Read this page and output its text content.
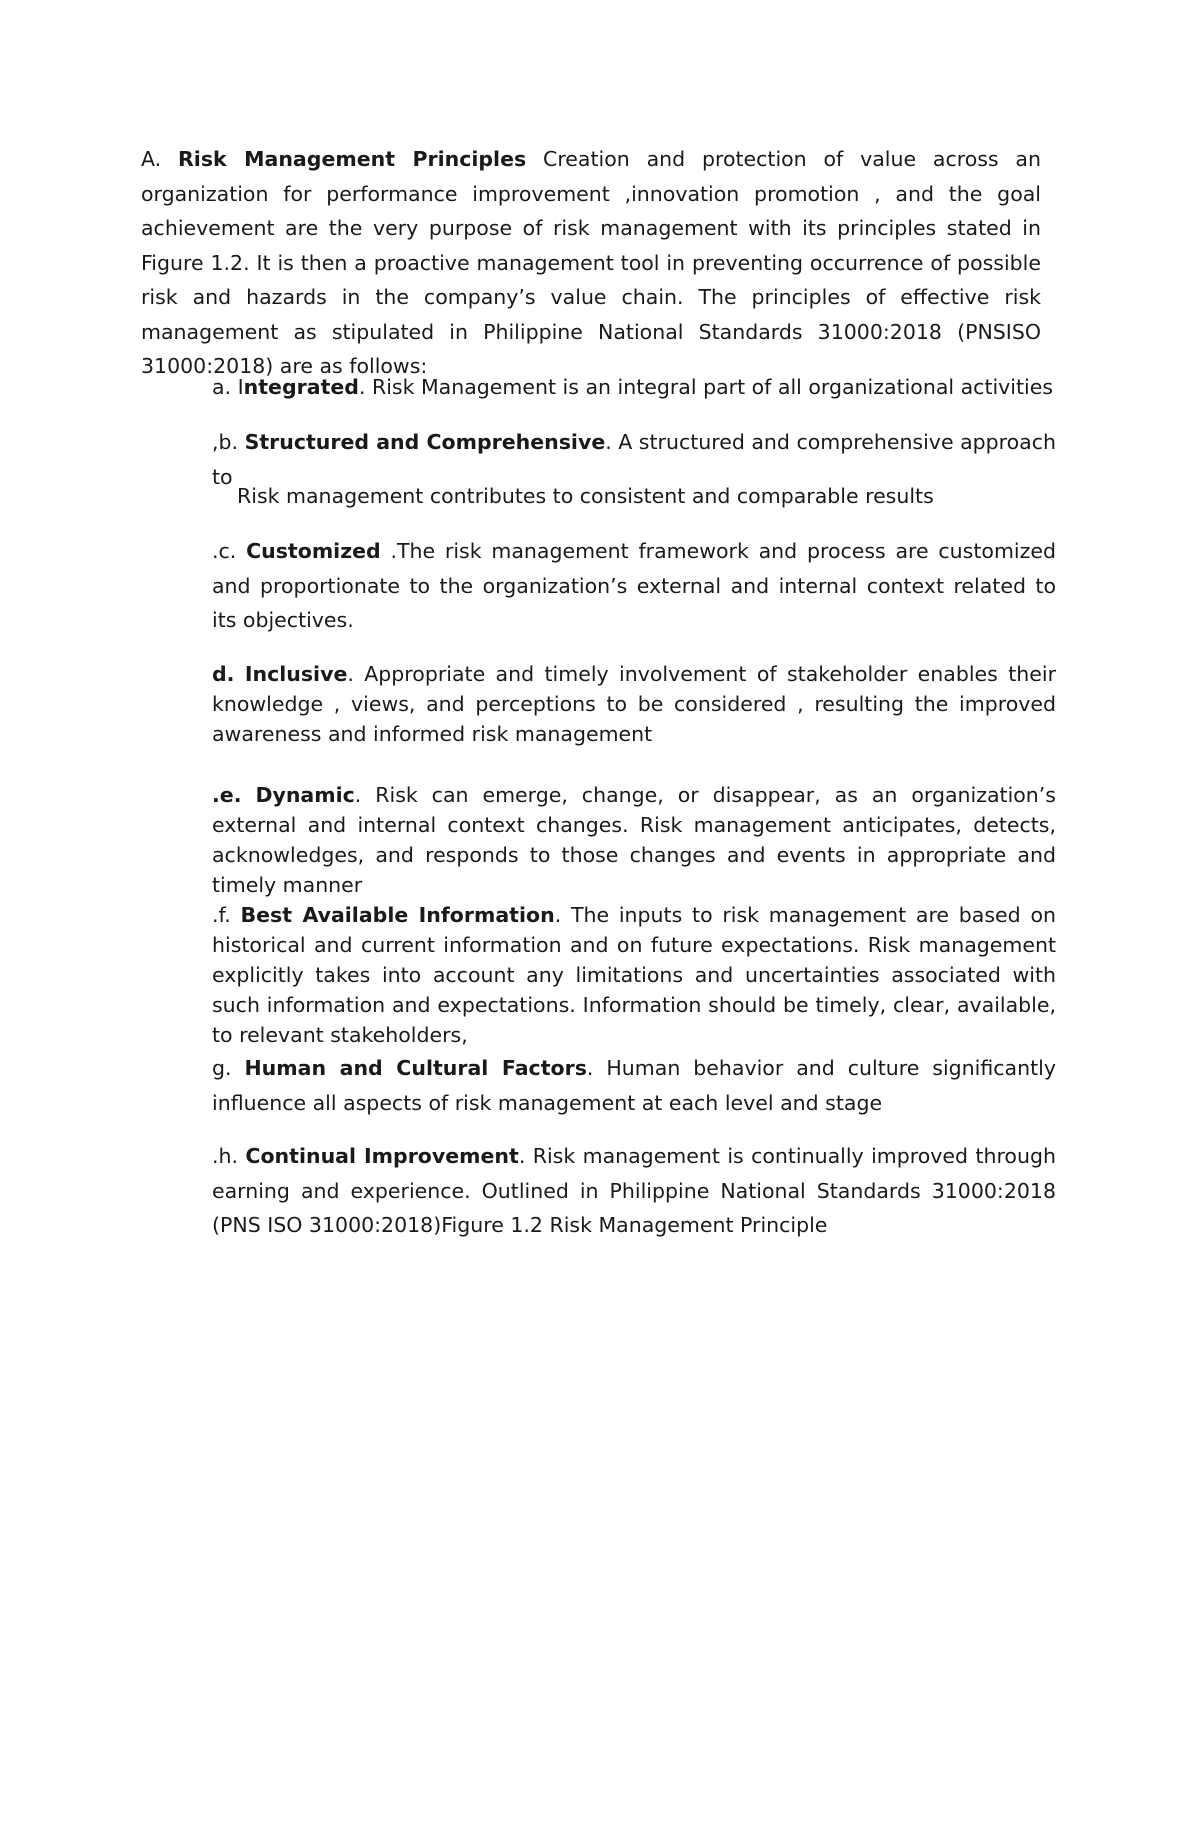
A. Risk Management Principles Creation and protection of value across an organization for performance improvement ,innovation promotion , and the goal achievement are the very purpose of risk management with its principles stated in Figure 1.2. It is then a proactive management tool in preventing occurrence of possible risk and hazards in the company’s value chain. The principles of effective risk management as stipulated in Philippine National Standards 31000:2018 (PNSISO 31000:2018) are as follows:

a. Integrated. Risk Management is an integral part of all organizational activities

,b. Structured and Comprehensive. A structured and comprehensive approach to

Risk management contributes to consistent and comparable results

.c. Customized .The risk management framework and process are customized and proportionate to the organization’s external and internal context related to its objectives.

d. Inclusive. Appropriate and timely involvement of stakeholder enables their knowledge , views, and perceptions to be considered , resulting the improved awareness and informed risk management

.e. Dynamic. Risk can emerge, change, or disappear, as an organization’s external and internal context changes. Risk management anticipates, detects, acknowledges, and responds to those changes and events in appropriate and timely manner

.f. Best Available Information. The inputs to risk management are based on historical and current information and on future expectations. Risk management explicitly takes into account any limitations and uncertainties associated with such information and expectations. Information should be timely, clear, available, to relevant stakeholders,

g. Human and Cultural Factors. Human behavior and culture significantly influence all aspects of risk management at each level and stage

.h. Continual Improvement. Risk management is continually improved through earning and experience. Outlined in Philippine National Standards 31000:2018 (PNS ISO 31000:2018)Figure 1.2 Risk Management Principle
